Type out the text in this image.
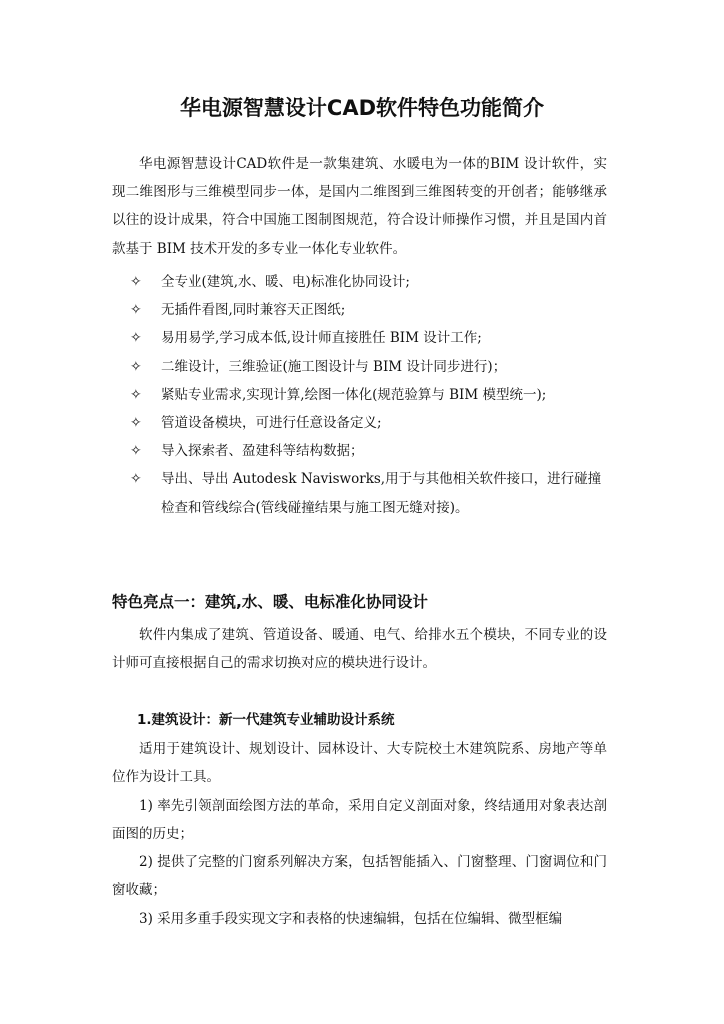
华电源智慧设计CAD软件特色功能简介

华电源智慧设计CAD软件是一款集建筑、水暖电为一体的BIM 设计软件，实现二维图形与三维模型同步一体，是国内二维图到三维图转变的开创者；能够继承以往的设计成果，符合中国施工图制图规范，符合设计师操作习惯，并且是国内首款基于 BIM 技术开发的多专业一体化专业软件。

✧ 全专业(建筑,水、暖、电)标准化协同设计;
✧ 无插件看图,同时兼容天正图纸;
✧ 易用易学,学习成本低,设计师直接胜任 BIM 设计工作;
✧ 二维设计，三维验证(施工图设计与 BIM 设计同步进行)；
✧ 紧贴专业需求,实现计算,绘图一体化(规范验算与 BIM 模型统一);
✧ 管道设备模块，可进行任意设备定义;
✧ 导入探索者、盈建科等结构数据；
✧ 导出、导出 Autodesk Navisworks,用于与其他相关软件接口，进行碰撞检查和管线综合(管线碰撞结果与施工图无缝对接)。
特色亮点一：建筑,水、暖、电标准化协同设计

软件内集成了建筑、管道设备、暖通、电气、给排水五个模块，不同专业的设计师可直接根据自己的需求切换对应的模块进行设计。

1.建筑设计：新一代建筑专业辅助设计系统

适用于建筑设计、规划设计、园林设计、大专院校土木建筑院系、房地产等单位作为设计工具。

1) 率先引领剖面绘图方法的革命，采用自定义剖面对象，终结通用对象表达剖面图的历史；

2) 提供了完整的门窗系列解决方案，包括智能插入、门窗整理、门窗调位和门窗收藏；

3) 采用多重手段实现文字和表格的快速编辑，包括在位编辑、微型框编
